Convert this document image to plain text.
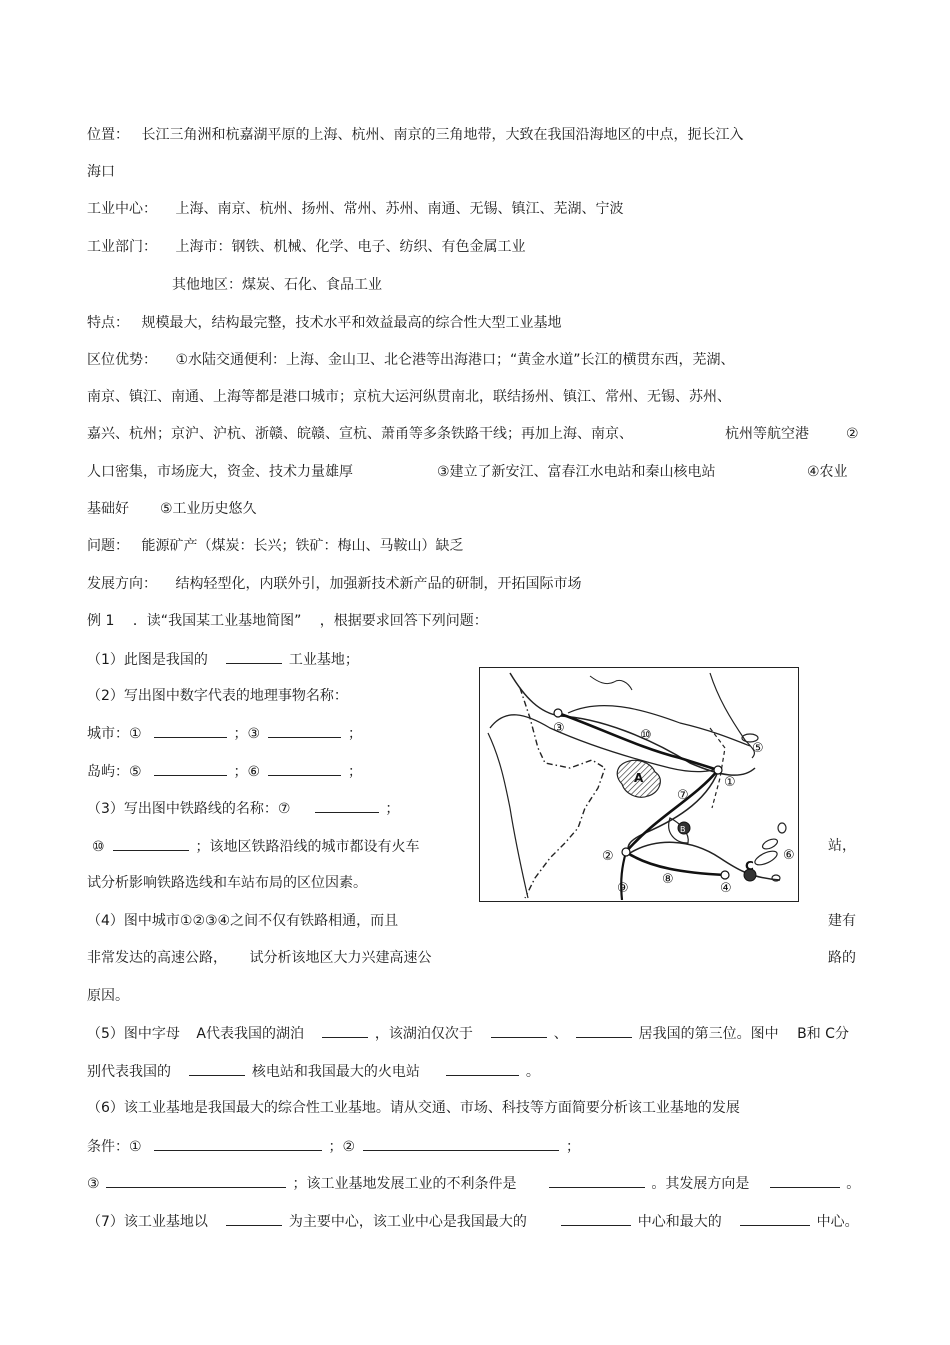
位置： 长江三角洲和杭嘉湖平原的上海、杭州、南京的三角地带，大致在我国沿海地区的中点，扼长江入
海口
工业中心： 上海、南京、杭州、扬州、常州、苏州、南通、无锡、镇江、芜湖、宁波
工业部门： 上海市：钢铁、机械、化学、电子、纺织、有色金属工业
其他地区：煤炭、石化、食品工业
特点： 规模最大，结构最完整，技术水平和效益最高的综合性大型工业基地
区位优势： ①水陆交通便利：上海、金山卫、北仑港等出海港口；“黄金水道”长江的横贯东西，芜湖、
南京、镇江、南通、上海等都是港口城市；京杭大运河纵贯南北，联结扬州、镇江、常州、无锡、苏州、
嘉兴、杭州；京沪、沪杭、浙赣、皖赣、宣杭、萧甬等多条铁路干线；再加上海、南京、	杭州等航空港	②
人口密集，市场庞大，资金、技术力量雄厚	③建立了新安江、富春江水电站和秦山核电站	④农业
基础好 ⑤工业历史悠久
问题： 能源矿产（煤炭：长兴；铁矿：梅山、马鞍山）缺乏
发展方向： 结构轻型化，内联外引，加强新技术新产品的研制，开拓国际市场
例 1 ．读“我国某工业基地简图” ，根据要求回答下列问题：
（1）此图是我国的	工业基地；
（2）写出图中数字代表的地理事物名称：
城市：①	；③	；
岛屿：⑤	；⑥	；
（3）写出图中铁路线的名称：⑦	；
⑩	；该地区铁路沿线的城市都设有火车	站，
试分析影响铁路选线和车站布局的区位因素。
（4）图中城市①②③④之间不仅有铁路相通，而且	建有
非常发达的高速公路， 试分析该地区大力兴建高速公	路的
原因。
（5）图中字母 A代表我国的湖泊	，该湖泊仅次于	、	居我国的第三位。图中 B和 C分
别代表我国的	核电站和我国最大的火电站	。
（6）该工业基地是我国最大的综合性工业基地。请从交通、市场、科技等方面简要分析该工业基地的发展
条件：①	；②	；
③	；该工业基地发展工业的不利条件是	。其发展方向是	。
（7）该工业基地以	为主要中心，该工业中心是我国最大的	中心和最大的	中心。
③	⑩
⑤
①
⑦
②	⑥
⑧
④
⑨
A
B
C
